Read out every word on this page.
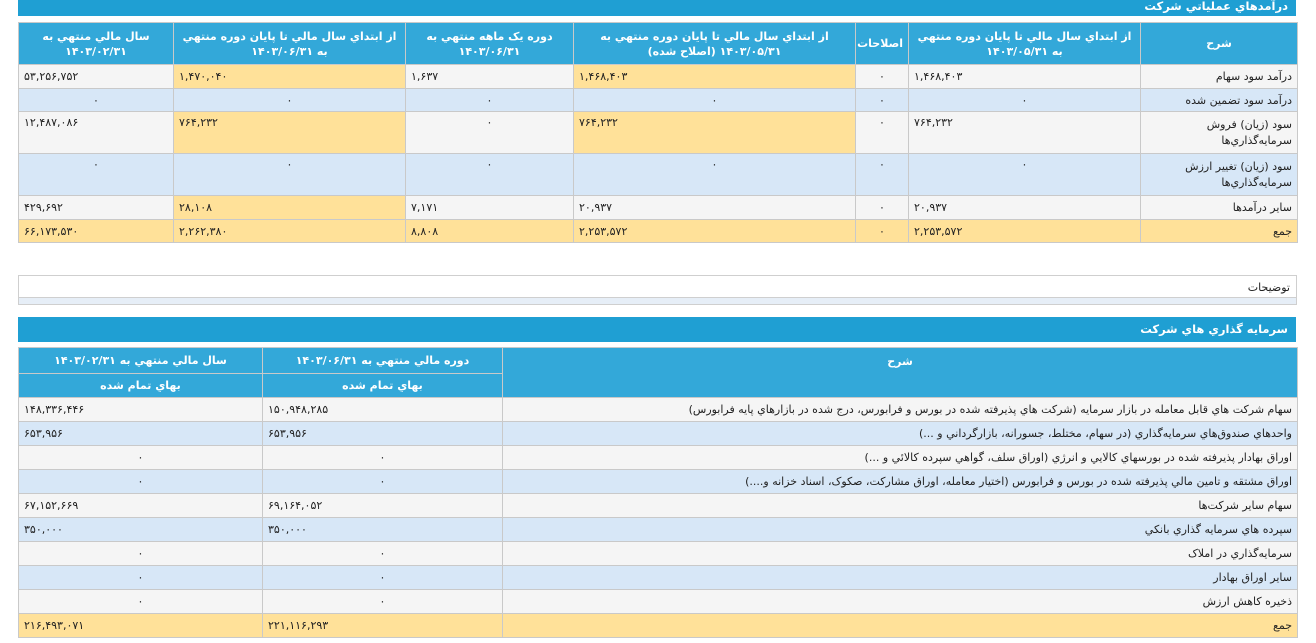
درآمدهاي عملياتي شركت
شرح	از ابتداي سال مالي تا پايان دوره منتهي به ۱۴۰۳/۰۵/۳۱	اصلاحات	از ابتداي سال مالي تا پايان دوره منتهي به ۱۴۰۳/۰۵/۳۱ (اصلاح شده)	دوره يک ماهه منتهي به ۱۴۰۳/۰۶/۳۱	از ابتداي سال مالي تا پايان دوره منتهي به ۱۴۰۳/۰۶/۳۱	سال مالي منتهي به ۱۴۰۳/۰۲/۳۱
درآمد سود سهام	۱,۴۶۸,۴۰۳	۰	۱,۴۶۸,۴۰۳	۱,۶۳۷	۱,۴۷۰,۰۴۰	۵۳,۲۵۶,۷۵۲
درآمد سود تضمين شده	۰	۰	۰	۰	۰	۰
سود (زيان) فروش سرمايه‌گذاري‌ها	۷۶۴,۲۳۲	۰	۷۶۴,۲۳۲	۰	۷۶۴,۲۳۲	۱۲,۴۸۷,۰۸۶
سود (زيان) تغيير ارزش سرمايه‌گذاري‌ها	۰	۰	۰	۰	۰	۰
ساير درآمدها	۲۰,۹۳۷	۰	۲۰,۹۳۷	۷,۱۷۱	۲۸,۱۰۸	۴۲۹,۶۹۲
جمع	۲,۲۵۳,۵۷۲	۰	۲,۲۵۳,۵۷۲	۸,۸۰۸	۲,۲۶۲,۳۸۰	۶۶,۱۷۳,۵۳۰
توضيحات
سرمايه گذاري هاي شركت
شرح	دوره مالي منتهي به ۱۴۰۳/۰۶/۳۱	سال مالي منتهي به ۱۴۰۳/۰۲/۳۱
	بهاي تمام شده	بهاي تمام شده
سهام شرکت هاي قابل معامله در بازار سرمايه (شرکت هاي پذيرفته شده در بورس و فرابورس، درج شده در بازارهاي پايه فرابورس)	۱۵۰,۹۴۸,۲۸۵	۱۴۸,۳۳۶,۴۴۶
واحدهاي صندوق‌هاي سرمايه‌گذاري (در سهام، مختلط، جسورانه، بازارگرداني و ...)	۶۵۳,۹۵۶	۶۵۳,۹۵۶
اوراق بهادار پذيرفته شده در بورسهاي کالايي و انرژي (اوراق سلف، گواهي سپرده کالائي و ...)	۰	۰
اوراق مشتقه و تامين مالي پذيرفته شده در بورس و فرابورس (اختيار معامله، اوراق مشارکت، صکوک، اسناد خزانه و....)	۰	۰
سهام ساير شرکت‌ها	۶۹,۱۶۴,۰۵۲	۶۷,۱۵۲,۶۶۹
سپرده هاي سرمايه گذاري بانکي	۳۵۰,۰۰۰	۳۵۰,۰۰۰
سرمايه‌گذاري در املاک	۰	۰
ساير اوراق بهادار	۰	۰
ذخيره کاهش ارزش	۰	۰
جمع	۲۲۱,۱۱۶,۲۹۳	۲۱۶,۴۹۳,۰۷۱
